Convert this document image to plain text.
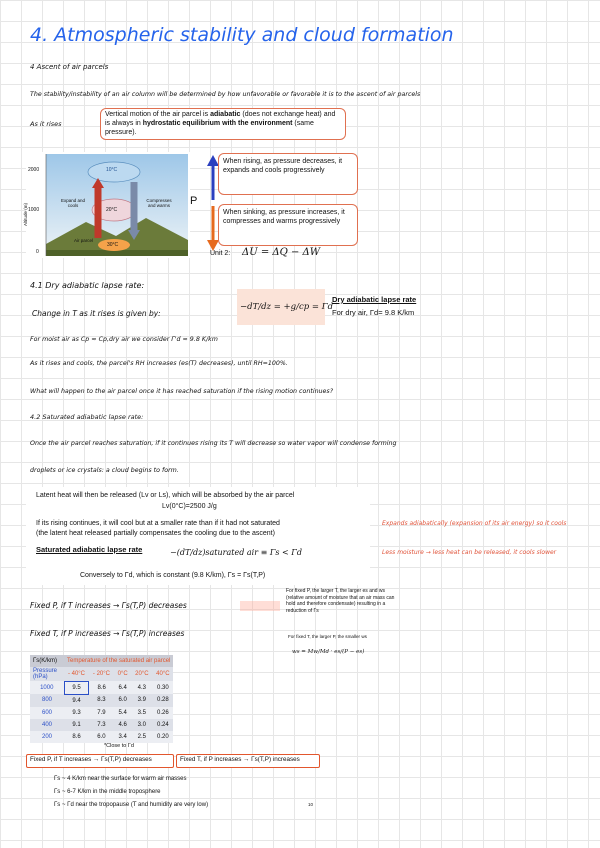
4. Atmospheric stability and cloud formation
4 Ascent of air parcels
The stability/instability of an air column will be determined by how unfavorable or favorable it is to the ascent of air parcels
As it rises
Vertical motion of the air parcel is adiabatic (does not exchange heat) and is always in hydrostatic equilibrium with the environment (same pressure).
2000
1000
0
Altitude (m)
10°C
20°C
30°C
Expand and cools
Compresses and warms
Air parcel
P
When rising, as pressure decreases, it expands and cools progressively
When sinking, as pressure increases, it compresses and warms progressively
Unit 2: ΔU = ΔQ − ΔW
4.1 Dry adiabatic lapse rate:
Change in T as it rises is given by:
−dT/dz = +g/cp = Γd
Dry adiabatic lapse rate
For dry air, Γd= 9.8 K/km
For moist air as Cp ≈ Cp,dry air we consider Γ'd ≈ 9.8 K/km
As it rises and cools, the parcel's RH increases (es(T) decreases), until RH=100%.
What will happen to the air parcel once it has reached saturation if the rising motion continues?
4.2 Saturated adiabatic lapse rate:
Once the air parcel reaches saturation, if it continues rising its T will decrease so water vapor will condense forming
droplets or ice crystals: a cloud begins to form.
Latent heat will then be released (Lv or Ls), which will be absorbed by the air parcel
Lv(0°C)=2500 J/g
If its rising continues, it will cool but at a smaller rate than if it had not saturated
(the latent heat released partially compensates the cooling due to the ascent)
Saturated adiabatic lapse rate	−(dT/dz)saturated air ≡ Γs < Γd
Conversely to Γd, which is constant (9.8 K/km), Γs = Γs(T,P)
Expands adiabatically (expansion of its air energy) so it cools
Less moisture → less heat can be released, it cools slower
Fixed P, if T increases → Γs(T,P) decreases
Fixed T, if P increases → Γs(T,P) increases
For fixed P, the larger T, the larger es and ws (relative amount of moisture that an air mass can hold and therefore condensate) resulting in a reduction of Γs
For fixed T, the larger P, the smaller ws
ws = Mw/Md · es/(P − es)
Γs(K/km)	Temperature of the saturated air parcel				
Pressure (hPa)	- 40°C	- 20°C	0°C	20°C	40°C
1000	9.5	8.6	6.4	4.3	0.30
800	9.4	8.3	6.0	3.9	0.28
600	9.3	7.9	5.4	3.5	0.26
400	9.1	7.3	4.6	3.0	0.24
200	8.6	6.0	3.4	2.5	0.20
*Close to Γd
Fixed P, if T increases → Γs(T,P) decreases	Fixed T, if P increases → Γs(T,P) increases
Γs ~ 4 K/km near the surface for warm air masses
Γs ~ 6-7 K/km in the middle troposphere
Γs ~ Γd near the tropopause (T and humidity are very low)	10
